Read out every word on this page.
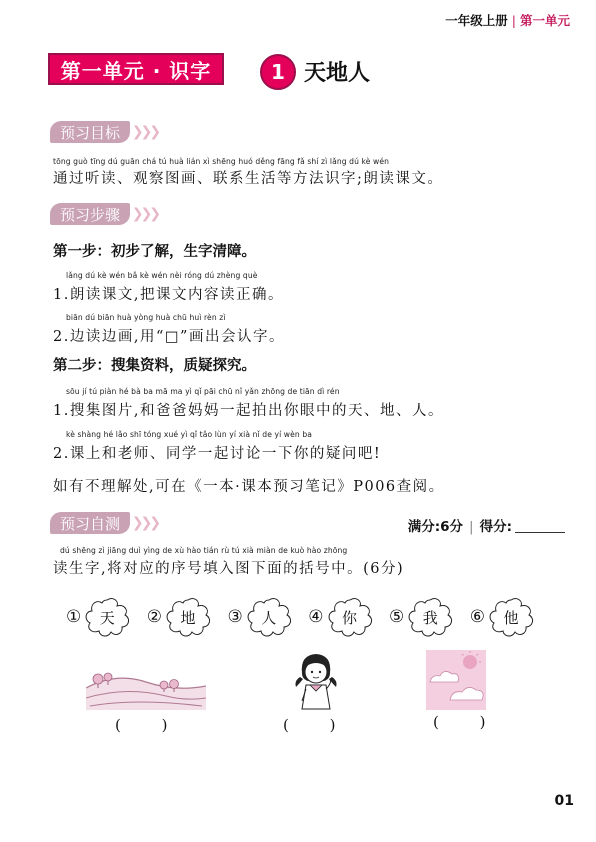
一年级上册 | 第一单元
第一单元 · 识字	1 天地人
预习目标 ❯❯❯
tōng guò tīng dú guān chá tú huà lián xì shēng huó děng fāng fǎ shí zì lǎng dú kè wén
通过听读、观察图画、联系生活等方法识字;朗读课文。
预习步骤 ❯❯❯
第一步：初步了解，生字清障。
lǎng dú kè wén bǎ kè wén nèi róng dú zhèng què
1.朗读课文,把课文内容读正确。
biān dú biān huà yòng huà chū huì rèn zì
2.边读边画,用“□”画出会认字。
第二步：搜集资料，质疑探究。
sōu jí tú piàn hé bà ba mā ma yì qǐ pāi chū nǐ yǎn zhōng de tiān dì rén
1.搜集图片,和爸爸妈妈一起拍出你眼中的天、地、人。
kè shàng hé lǎo shī tóng xué yì qǐ tǎo lùn yí xià nǐ de yí wèn ba
2.课上和老师、同学一起讨论一下你的疑问吧!
如有不理解处,可在《一本·课本预习笔记》P006查阅。
预习自测 ❯❯❯	满分:6分 | 得分:
dú shēng zì jiāng duì yìng de xù hào tián rù tú xià miàn de kuò hào zhōng
读生字,将对应的序号填入图下面的括号中。(6分)
①	天	②	地	③	人	④	你	⑤	我	⑥	他
( )	( )	( )
01
